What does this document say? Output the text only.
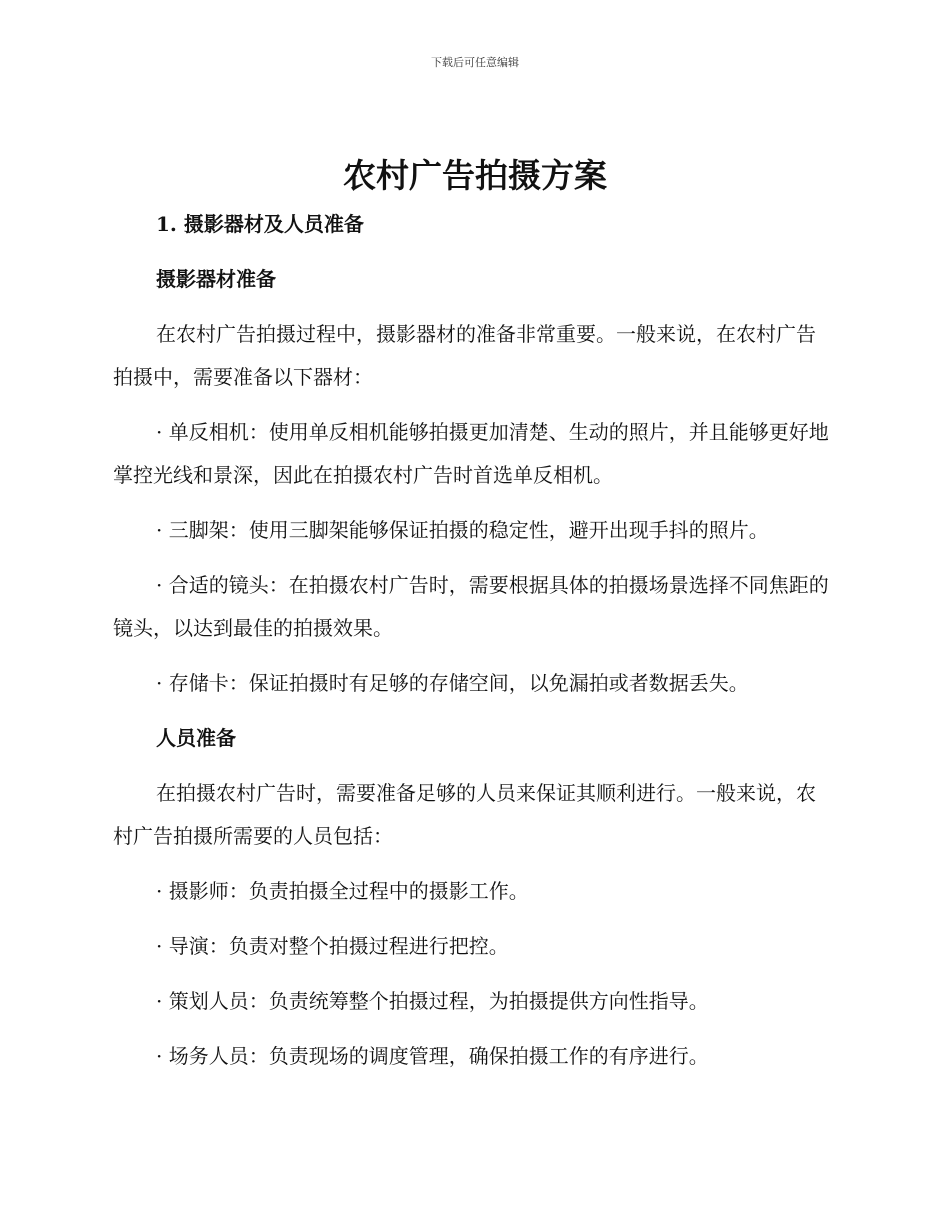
下载后可任意编辑
农村广告拍摄方案

1. 摄影器材及人员准备

摄影器材准备

在农村广告拍摄过程中，摄影器材的准备非常重要。一般来说，在农村广告拍摄中，需要准备以下器材：

· 单反相机：使用单反相机能够拍摄更加清楚、生动的照片，并且能够更好地掌控光线和景深，因此在拍摄农村广告时首选单反相机。

· 三脚架：使用三脚架能够保证拍摄的稳定性，避开出现手抖的照片。

· 合适的镜头：在拍摄农村广告时，需要根据具体的拍摄场景选择不同焦距的镜头，以达到最佳的拍摄效果。

· 存储卡：保证拍摄时有足够的存储空间，以免漏拍或者数据丢失。

人员准备

在拍摄农村广告时，需要准备足够的人员来保证其顺利进行。一般来说，农村广告拍摄所需要的人员包括：

· 摄影师：负责拍摄全过程中的摄影工作。

· 导演：负责对整个拍摄过程进行把控。

· 策划人员：负责统筹整个拍摄过程，为拍摄提供方向性指导。

· 场务人员：负责现场的调度管理，确保拍摄工作的有序进行。
